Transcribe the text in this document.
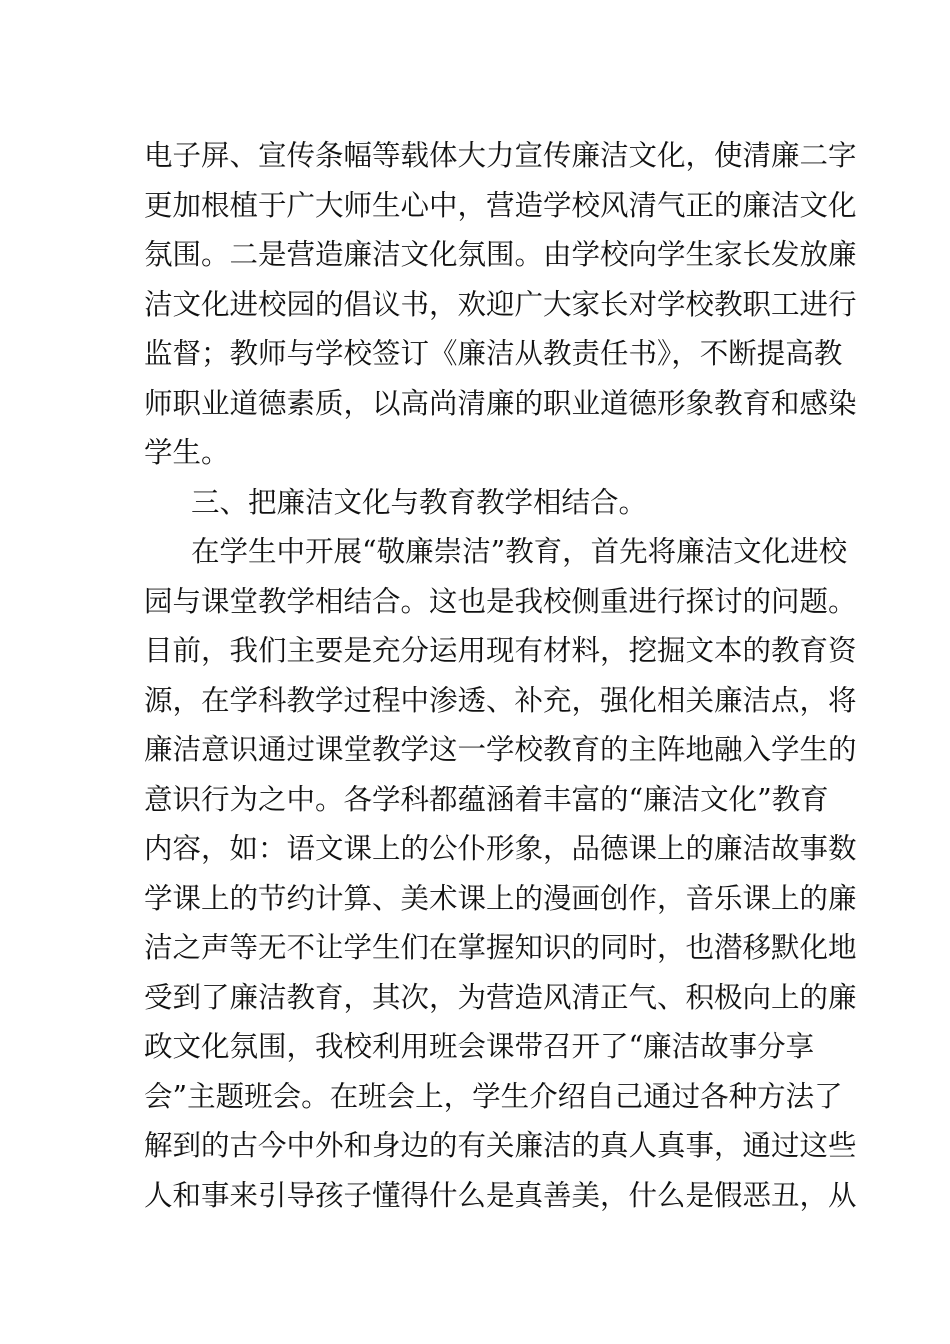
电子屏、宣传条幅等载体大力宣传廉洁文化，使清廉二字
更加根植于广大师生心中，营造学校风清气正的廉洁文化
氛围。二是营造廉洁文化氛围。由学校向学生家长发放廉
洁文化进校园的倡议书，欢迎广大家长对学校教职工进行
监督；教师与学校签订《廉洁从教责任书》，不断提高教
师职业道德素质，以高尚清廉的职业道德形象教育和感染
学生。
三、把廉洁文化与教育教学相结合。
在学生中开展“敬廉崇洁”教育，首先将廉洁文化进校
园与课堂教学相结合。这也是我校侧重进行探讨的问题。
目前，我们主要是充分运用现有材料，挖掘文本的教育资
源，在学科教学过程中渗透、补充，强化相关廉洁点，将
廉洁意识通过课堂教学这一学校教育的主阵地融入学生的
意识行为之中。各学科都蕴涵着丰富的“廉洁文化”教育
内容，如：语文课上的公仆形象，品德课上的廉洁故事数
学课上的节约计算、美术课上的漫画创作，音乐课上的廉
洁之声等无不让学生们在掌握知识的同时，也潜移默化地
受到了廉洁教育，其次，为营造风清正气、积极向上的廉
政文化氛围，我校利用班会课带召开了“廉洁故事分享
会”主题班会。在班会上，学生介绍自己通过各种方法了
解到的古今中外和身边的有关廉洁的真人真事，通过这些
人和事来引导孩子懂得什么是真善美，什么是假恶丑，从
